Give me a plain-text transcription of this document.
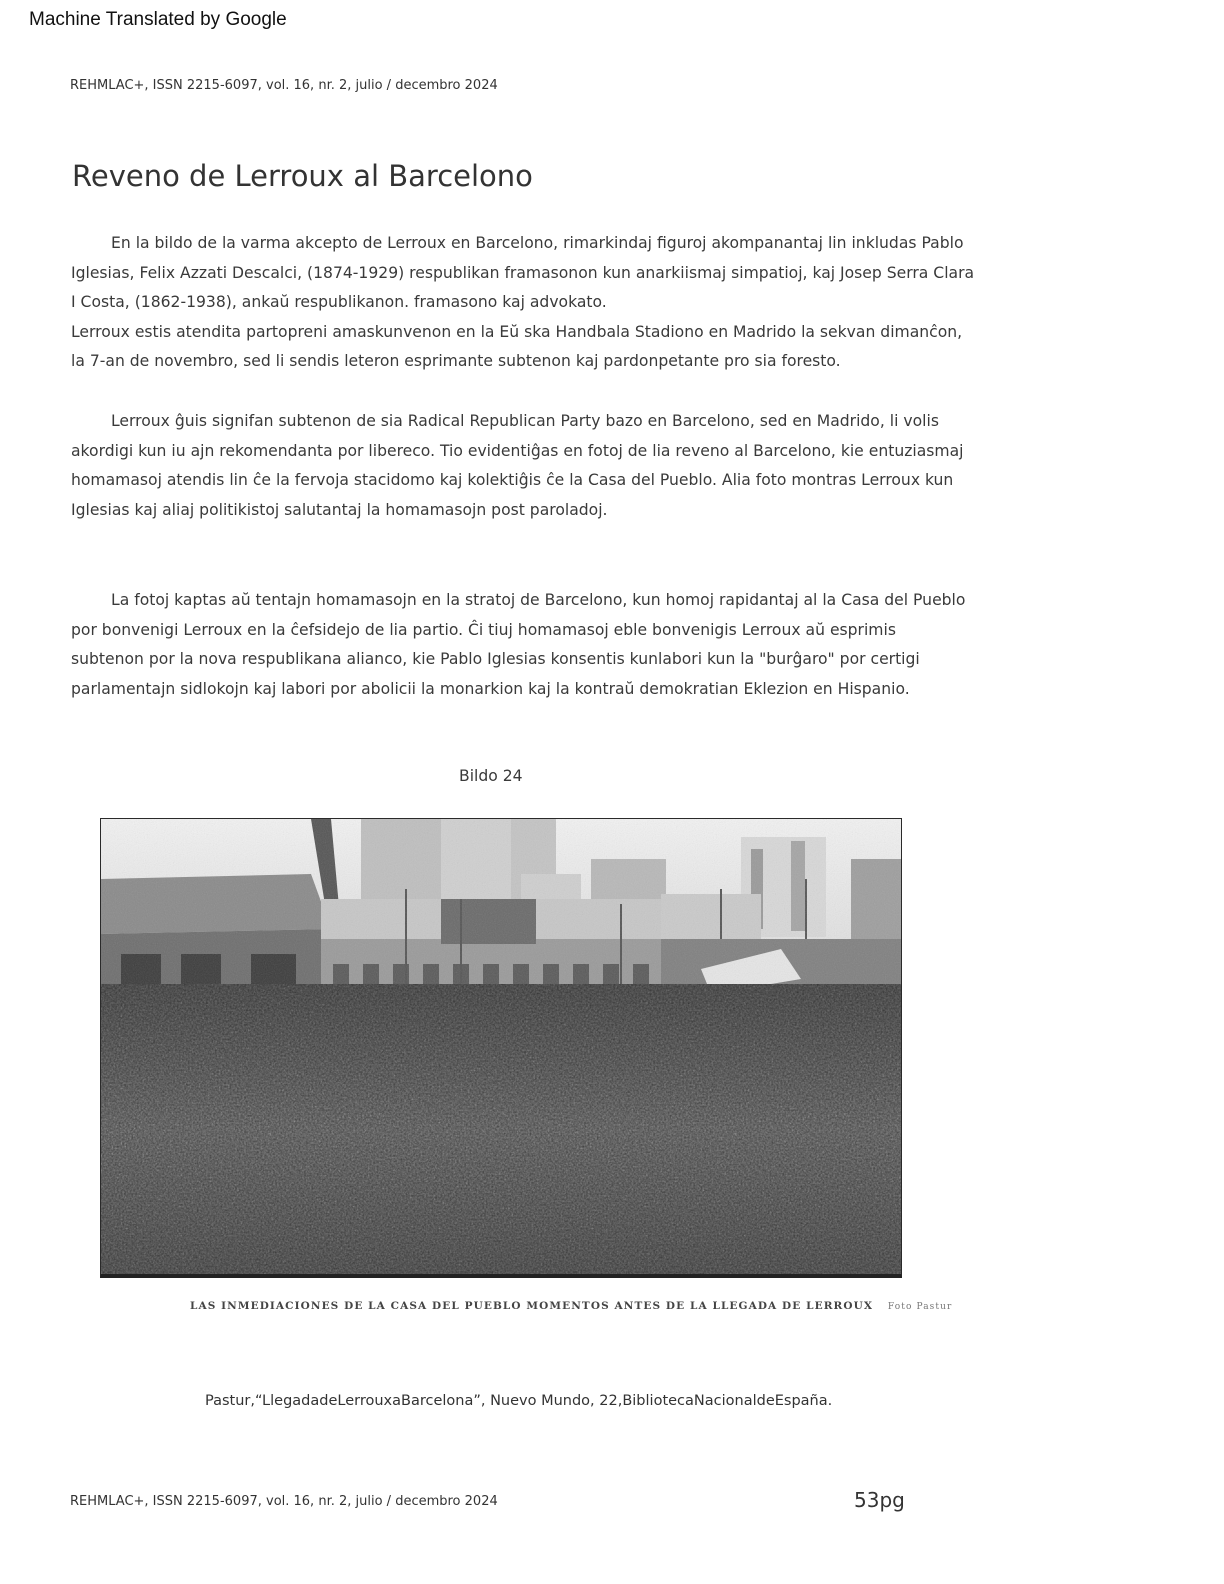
Machine Translated by Google
REHMLAC+, ISSN 2215-6097, vol. 16, nr. 2, julio / decembro 2024
Reveno de Lerroux al Barcelono

En la bildo de la varma akcepto de Lerroux en Barcelono, rimarkindaj figuroj akompanantaj lin inkludas Pablo
Iglesias, Felix Azzati Descalci, (1874-1929) respublikan framasonon kun anarkiismaj simpatioj, kaj Josep Serra Clara
I Costa, (1862-1938), ankaŭ respublikanon. framasono kaj advokato.
Lerroux estis atendita partopreni amaskunvenon en la Eŭ ska Handbala Stadiono en Madrido la sekvan dimanĉon,
la 7-an de novembro, sed li sendis leteron esprimante subtenon kaj pardonpetante pro sia foresto.

Lerroux ĝuis signifan subtenon de sia Radical Republican Party bazo en Barcelono, sed en Madrido, li volis
akordigi kun iu ajn rekomendanta por libereco. Tio evidentiĝas en fotoj de lia reveno al Barcelono, kie entuziasmaj
homamasoj atendis lin ĉe la fervoja stacidomo kaj kolektiĝis ĉe la Casa del Pueblo. Alia foto montras Lerroux kun
Iglesias kaj aliaj politikistoj salutantaj la homamasojn post paroladoj.

La fotoj kaptas aŭ tentajn homamasojn en la stratoj de Barcelono, kun homoj rapidantaj al la Casa del Pueblo
por bonvenigi Lerroux en la ĉefsidejo de lia partio. Ĉi tiuj homamasoj eble bonvenigis Lerroux aŭ esprimis
subtenon por la nova respublikana alianco, kie Pablo Iglesias konsentis kunlabori kun la "burĝaro" por certigi
parlamentajn sidlokojn kaj labori por abolicii la monarkion kaj la kontraŭ demokratian Eklezion en Hispanio.

Bildo 24
LAS INMEDIACIONES DE LA CASA DEL PUEBLO MOMENTOS ANTES DE LA LLEGADA DE LERROUX Foto Pastur
Pastur,“LlegadadeLerrouxaBarcelona”, Nuevo Mundo, 22,BibliotecaNacionaldeEspaña.
REHMLAC+, ISSN 2215-6097, vol. 16, nr. 2, julio / decembro 2024	53pg
